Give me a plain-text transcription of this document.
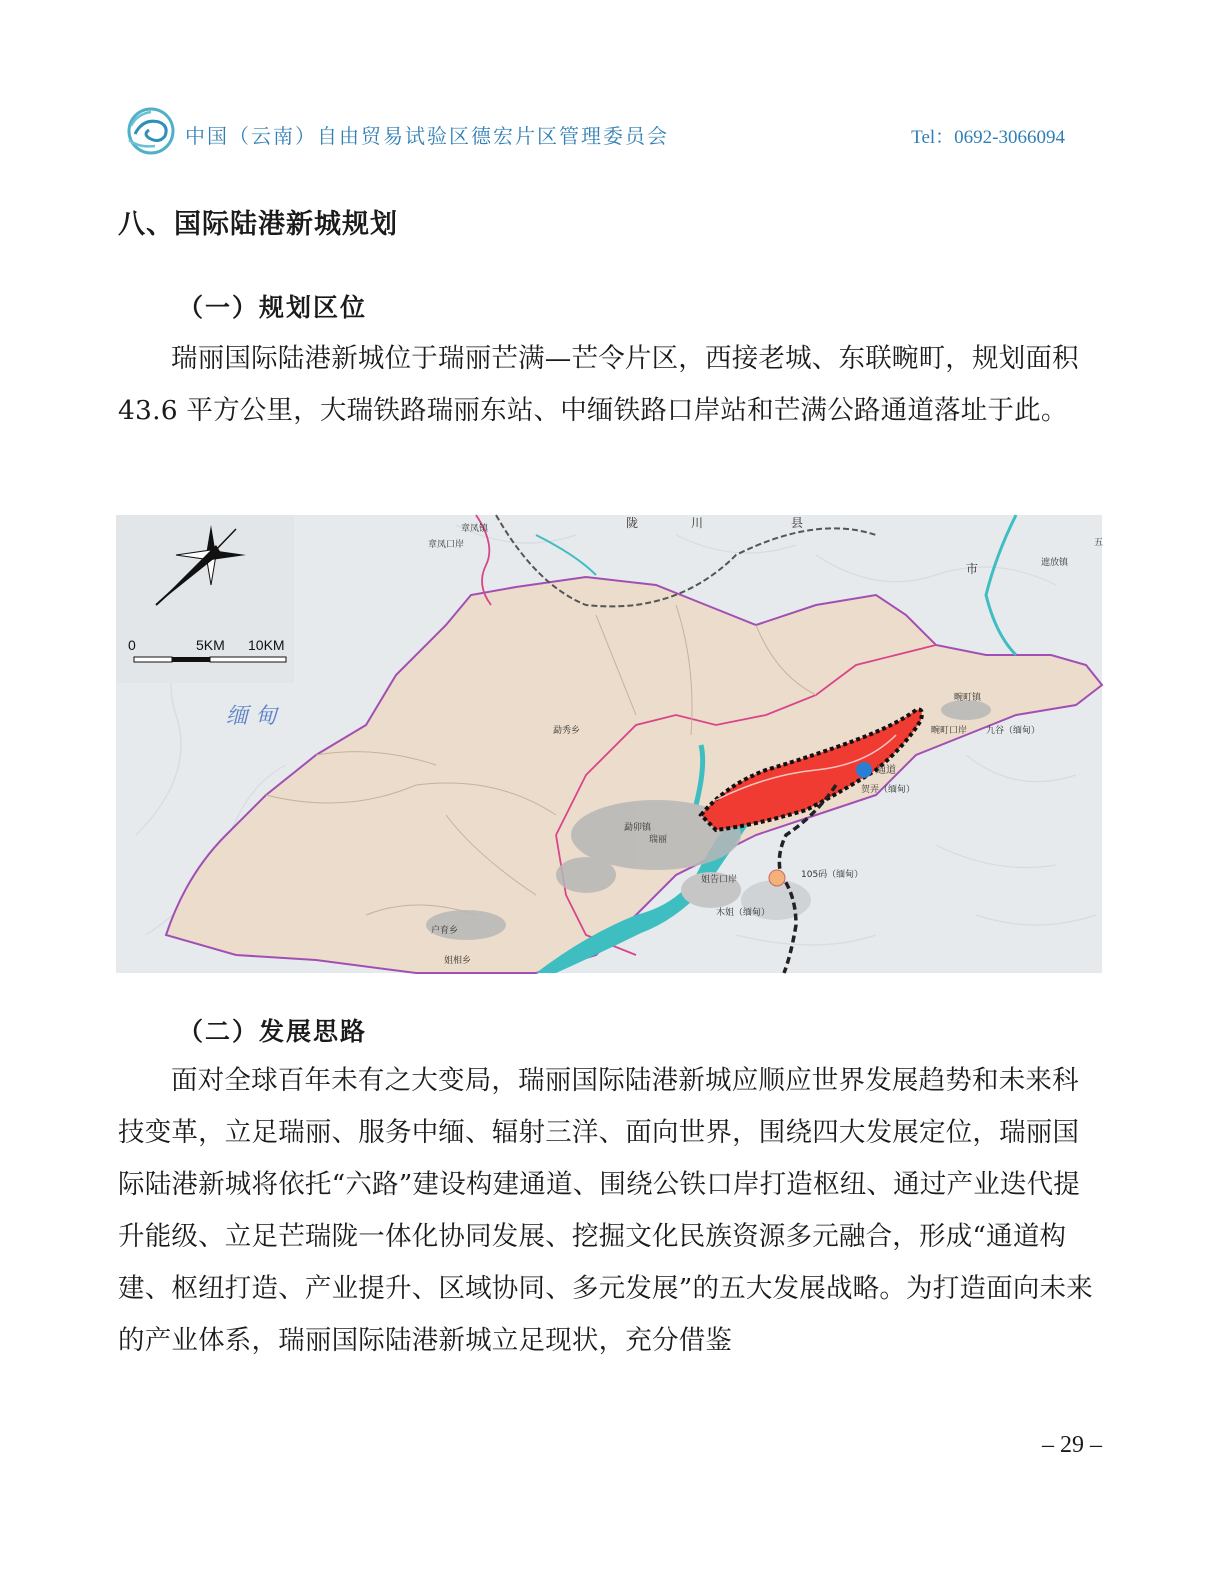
中国（云南）自由贸易试验区德宏片区管理委员会	Tel：0692-3066094
八、国际陆港新城规划
（一）规划区位
瑞丽国际陆港新城位于瑞丽芒满—芒令片区，西接老城、东联畹町，规划面积 43.6 平方公里，大瑞铁路瑞丽东站、中缅铁路口岸站和芒满公路通道落址于此。
0	5KM 10KM
缅 甸
陇	川	县
市
章凤镇
章凤口岸
遮放镇
五
畹町镇
畹町口岸 九谷（缅甸）
通道
贺弄（缅甸）
勐秀乡
勐卯镇
瑞丽
姐告口岸	105码（缅甸）
木姐（缅甸）
户育乡
姐相乡
（二）发展思路
面对全球百年未有之大变局，瑞丽国际陆港新城应顺应世界发展趋势和未来科技变革，立足瑞丽、服务中缅、辐射三洋、面向世界，围绕四大发展定位，瑞丽国际陆港新城将依托“六路”建设构建通道、围绕公铁口岸打造枢纽、通过产业迭代提升能级、立足芒瑞陇一体化协同发展、挖掘文化民族资源多元融合，形成“通道构建、枢纽打造、产业提升、区域协同、多元发展”的五大发展战略。为打造面向未来的产业体系，瑞丽国际陆港新城立足现状，充分借鉴
– 29 –
